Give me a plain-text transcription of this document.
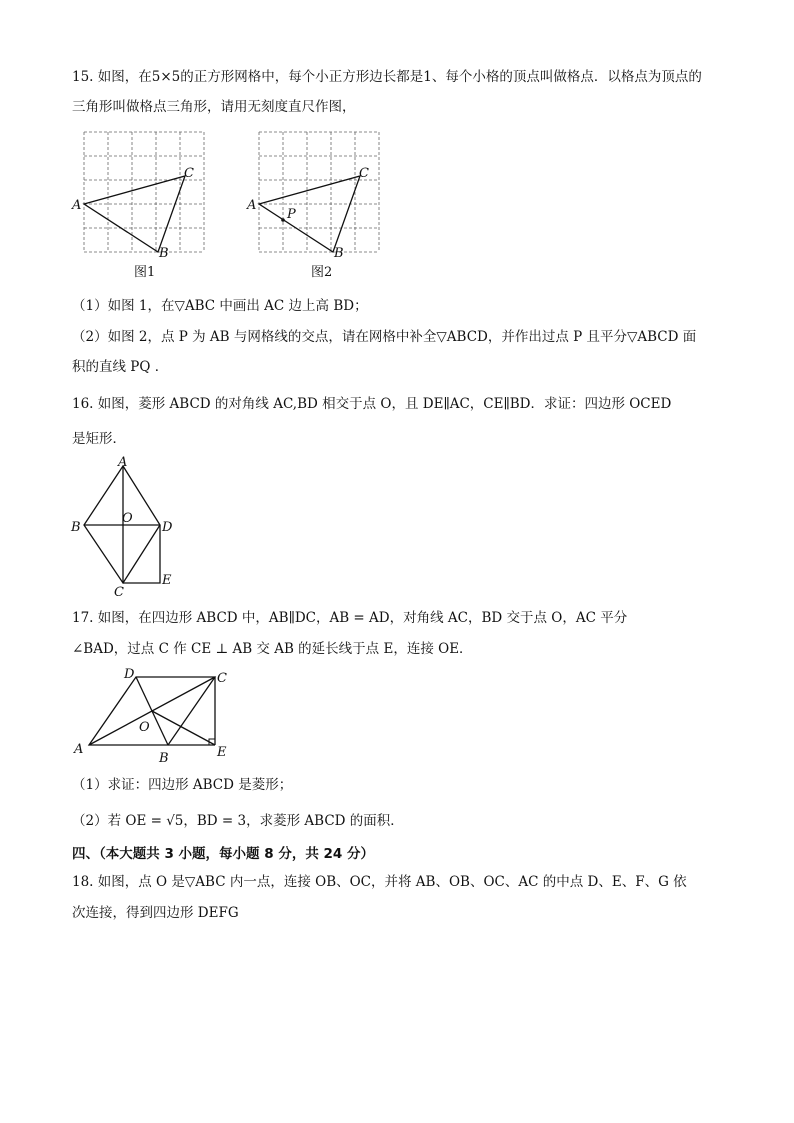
15. 如图，在5×5的正方形网格中，每个小正方形边长都是1、每个小格的顶点叫做格点．以格点为顶点的
三角形叫做格点三角形，请用无刻度直尺作图，
A
C
B
图1
A
P
C
B
图2
（1）如图 1，在▽ABC 中画出 AC 边上高 BD；
（2）如图 2，点 P 为 AB 与网格线的交点，请在网格中补全▽ABCD，并作出过点 P 且平分▽ABCD 面
积的直线 PQ ．
16. 如图，菱形 ABCD 的对角线 AC,BD 相交于点 O，且 DE∥AC，CE∥BD．求证：四边形 OCED
是矩形．
A
B
O
D
C
E
17. 如图，在四边形 ABCD 中，AB∥DC，AB = AD，对角线 AC，BD 交于点 O，AC 平分
∠BAD，过点 C 作 CE ⊥ AB 交 AB 的延长线于点 E，连接 OE．
D	C
O
A
B	E
（1）求证：四边形 ABCD 是菱形；
（2）若 OE = √5，BD = 3，求菱形 ABCD 的面积．
四、（本大题共 3 小题，每小题 8 分，共 24 分）
18. 如图，点 O 是▽ABC 内一点，连接 OB、OC，并将 AB、OB、OC、AC 的中点 D、E、F、G 依
次连接，得到四边形 DEFG
